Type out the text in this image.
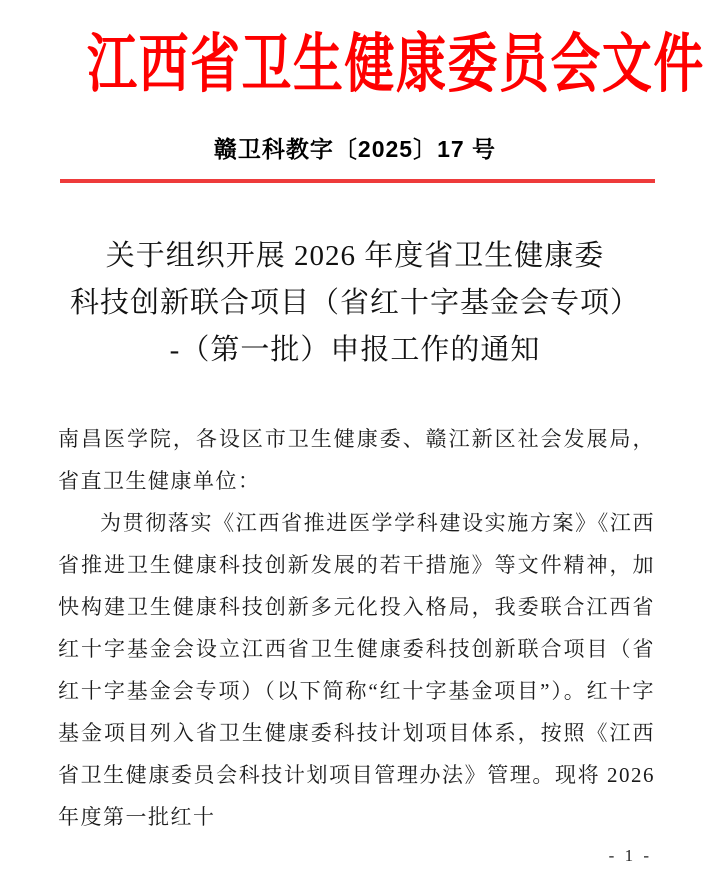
江西省卫生健康委员会文件
赣卫科教字〔2025〕17 号
关于组织开展 2026 年度省卫生健康委
科技创新联合项目（省红十字基金会专项）
-（第一批）申报工作的通知

南昌医学院，各设区市卫生健康委、赣江新区社会发展局，省直卫生健康单位：

为贯彻落实《江西省推进医学学科建设实施方案》《江西省推进卫生健康科技创新发展的若干措施》等文件精神，加快构建卫生健康科技创新多元化投入格局，我委联合江西省红十字基金会设立江西省卫生健康委科技创新联合项目（省红十字基金会专项）（以下简称“红十字基金项目”）。红十字基金项目列入省卫生健康委科技计划项目体系，按照《江西省卫生健康委员会科技计划项目管理办法》管理。现将 2026 年度第一批红十

- 1 -
